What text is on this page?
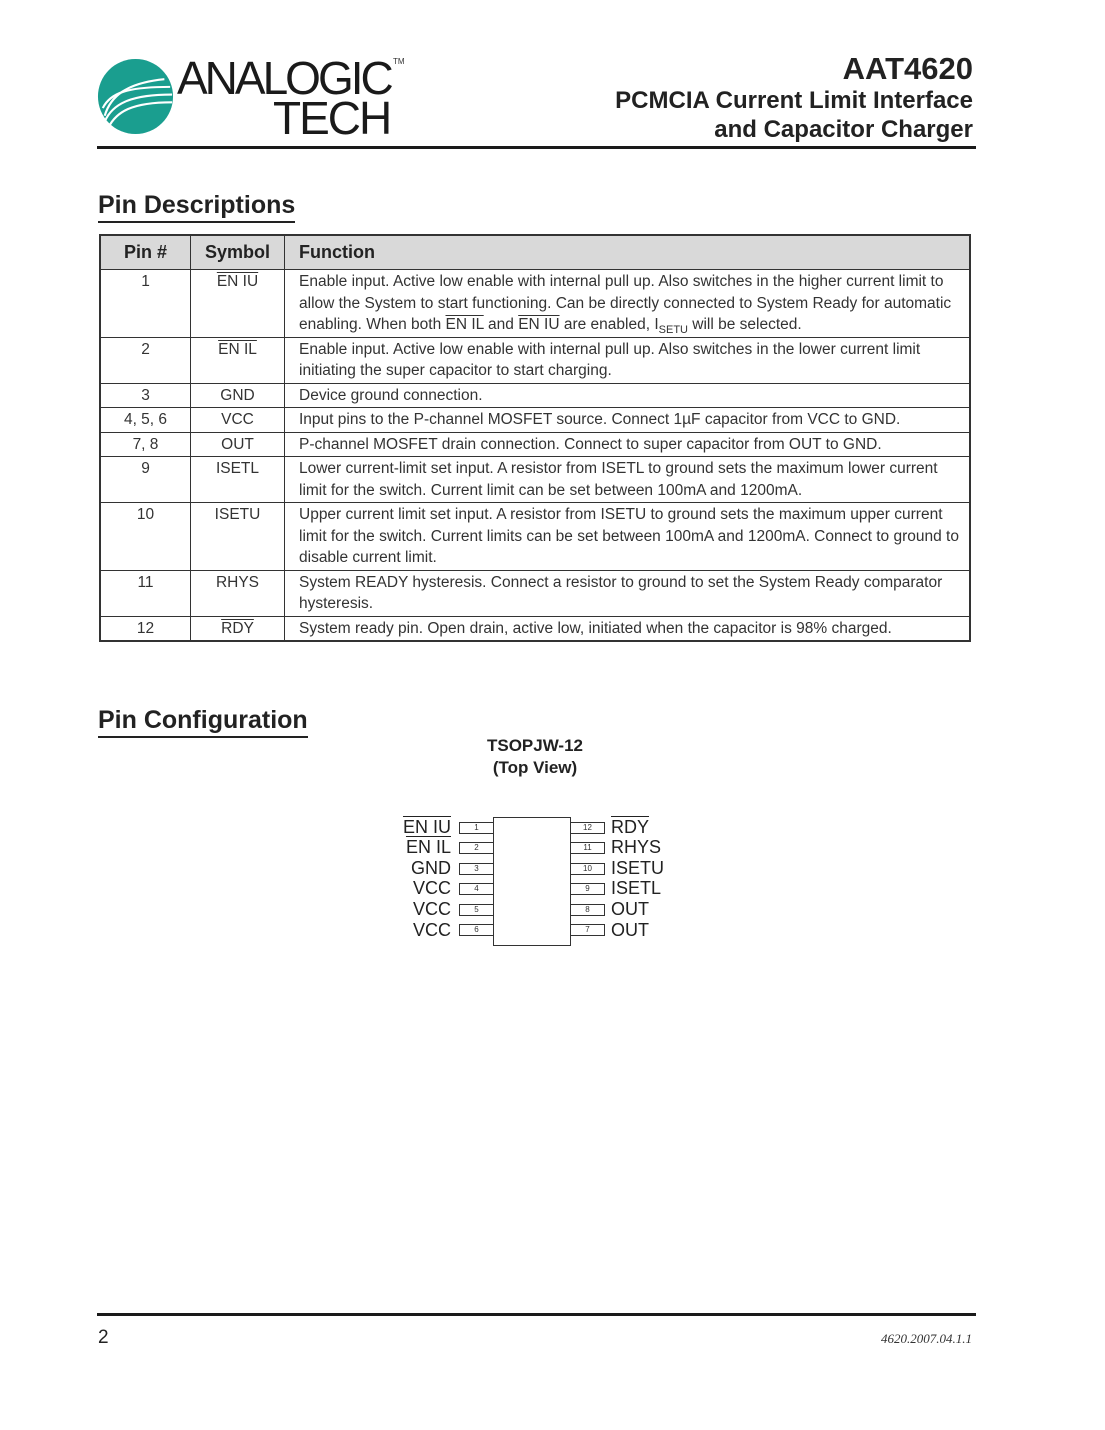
ANALOGIC TM
TECH
AAT4620
PCMCIA Current Limit Interface
and Capacitor Charger
Pin Descriptions
Pin #	Symbol	Function
1	EN IU	Enable input. Active low enable with internal pull up. Also switches in the higher current limit to allow the System to start functioning. Can be directly connected to System Ready for automatic enabling. When both EN IL and EN IU are enabled, $I_{SETU}$ will be selected.
2	EN IL	Enable input. Active low enable with internal pull up. Also switches in the lower current limit initiating the super capacitor to start charging.
3	GND	Device ground connection.
4, 5, 6	VCC	Input pins to the P-channel MOSFET source. Connect 1µF capacitor from VCC to GND.
7, 8	OUT	P-channel MOSFET drain connection. Connect to super capacitor from OUT to GND.
9	ISETL	Lower current-limit set input. A resistor from ISETL to ground sets the maximum lower current limit for the switch. Current limit can be set between 100mA and 1200mA.
10	ISETU	Upper current limit set input. A resistor from ISETU to ground sets the maximum upper current limit for the switch. Current limits can be set between 100mA and 1200mA. Connect to ground to disable current limit.
11	RHYS	System READY hysteresis. Connect a resistor to ground to set the System Ready comparator hysteresis.
12	$\overline{RDY}$	System ready pin. Open drain, active low, initiated when the capacitor is 98% charged.
Pin Configuration
TSOPJW-12
(Top View)
1
2
3
4
5
6
EN IU
EN IL
GND
VCC
VCC
VCC
12
11
10
9
8
7
$\overline{RDY}$
RHYS
ISETU
ISETL
OUT
OUT
2	4620.2007.04.1.1
